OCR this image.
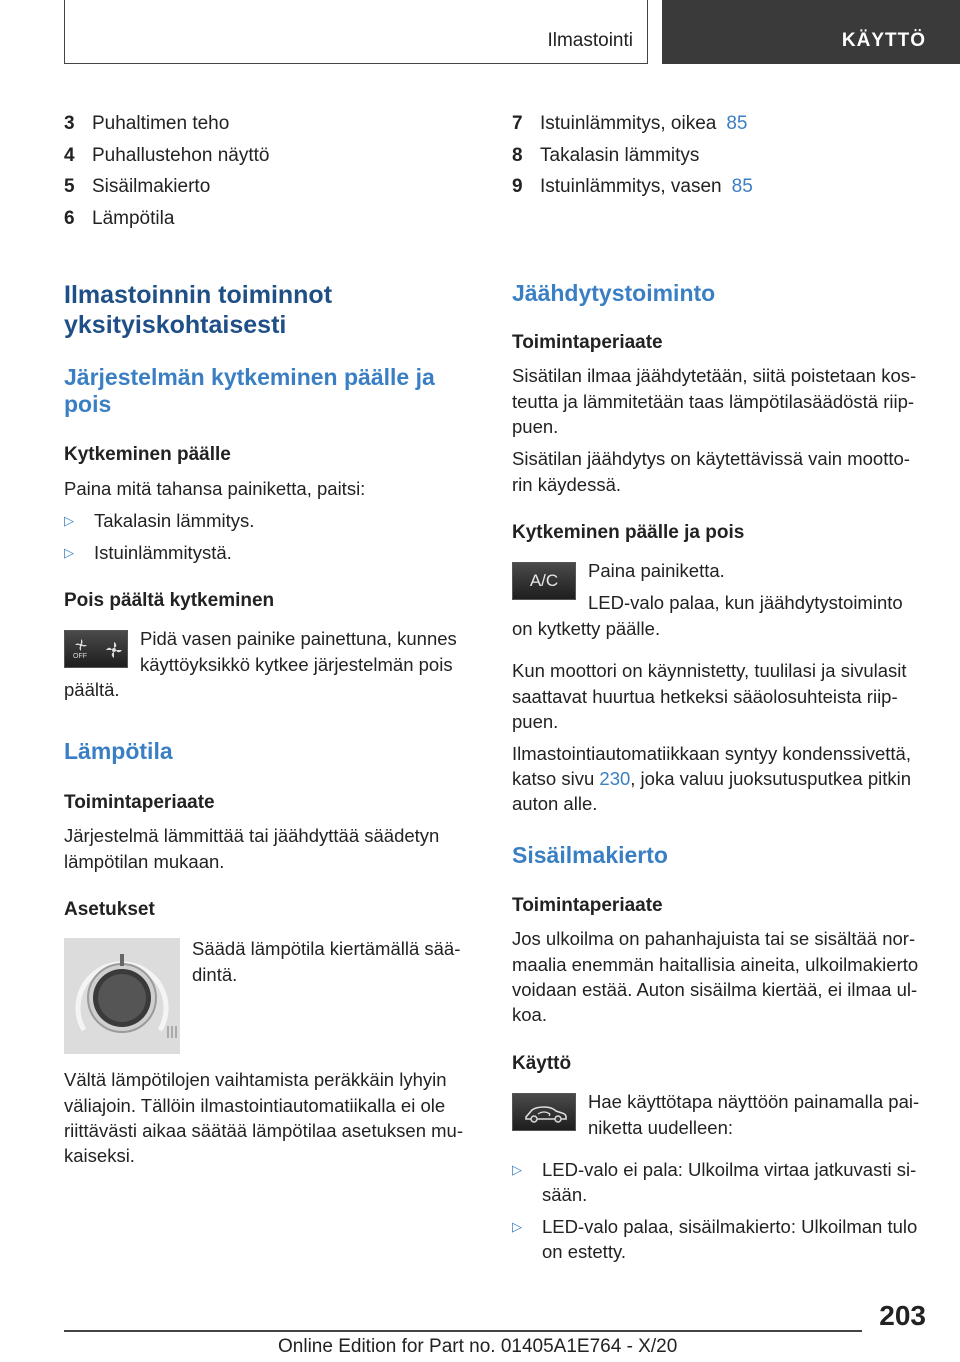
Ilmastointi	KÄYTTÖ
3 Puhaltimen teho
4 Puhallustehon näyttö
5 Sisäilmakierto
6 Lämpötila
7 Istuinlämmitys, oikea 85
8 Takalasin lämmitys
9 Istuinlämmitys, vasen 85
Ilmastoinnin toiminnot yksityiskohtaisesti
Järjestelmän kytkeminen päälle ja pois
Kytkeminen päälle
Paina mitä tahansa painiketta, paitsi:
▷ Takalasin lämmitys.
▷ Istuinlämmitystä.
Pois päältä kytkeminen
OFF
Pidä vasen painike painettuna, kunnes
käyttöyksikkö kytkee järjestelmän pois
päältä.
Lämpötila
Toimintaperiaate
Järjestelmä lämmittää tai jäähdyttää säädetyn
lämpötilan mukaan.
Asetukset
Säädä lämpötila kiertämällä sää-
dintä.
Vältä lämpötilojen vaihtamista peräkkäin lyhyin
väliajoin. Tällöin ilmastointiautomatiikalla ei ole
riittävästi aikaa säätää lämpötilaa asetuksen mu-
kaiseksi.
Jäähdytystoiminto
Toimintaperiaate
Sisätilan ilmaa jäähdytetään, siitä poistetaan kos-
teutta ja lämmitetään taas lämpötilasäädöstä riip-
puen.
Sisätilan jäähdytys on käytettävissä vain mootto-
rin käydessä.
Kytkeminen päälle ja pois
A/C	Paina painiketta.
LED-valo palaa, kun jäähdytystoiminto
on kytketty päälle.
Kun moottori on käynnistetty, tuulilasi ja sivulasit
saattavat huurtua hetkeksi sääolosuhteista riip-
puen.
Ilmastointiautomatiikkaan syntyy kondenssivettä,
katso sivu 230, joka valuu juoksutusputkea pitkin
auton alle.
Sisäilmakierto
Toimintaperiaate
Jos ulkoilma on pahanhajuista tai se sisältää nor-
maalia enemmän haitallisia aineita, ulkoilmakierto
voidaan estää. Auton sisäilma kiertää, ei ilmaa ul-
koa.
Käyttö
Hae käyttötapa näyttöön painamalla pai-
niketta uudelleen:
▷ LED-valo ei pala: Ulkoilma virtaa jatkuvasti si-
sään.
▷ LED-valo palaa, sisäilmakierto: Ulkoilman tulo
on estetty.
203
Online Edition for Part no. 01405A1E764 - X/20
